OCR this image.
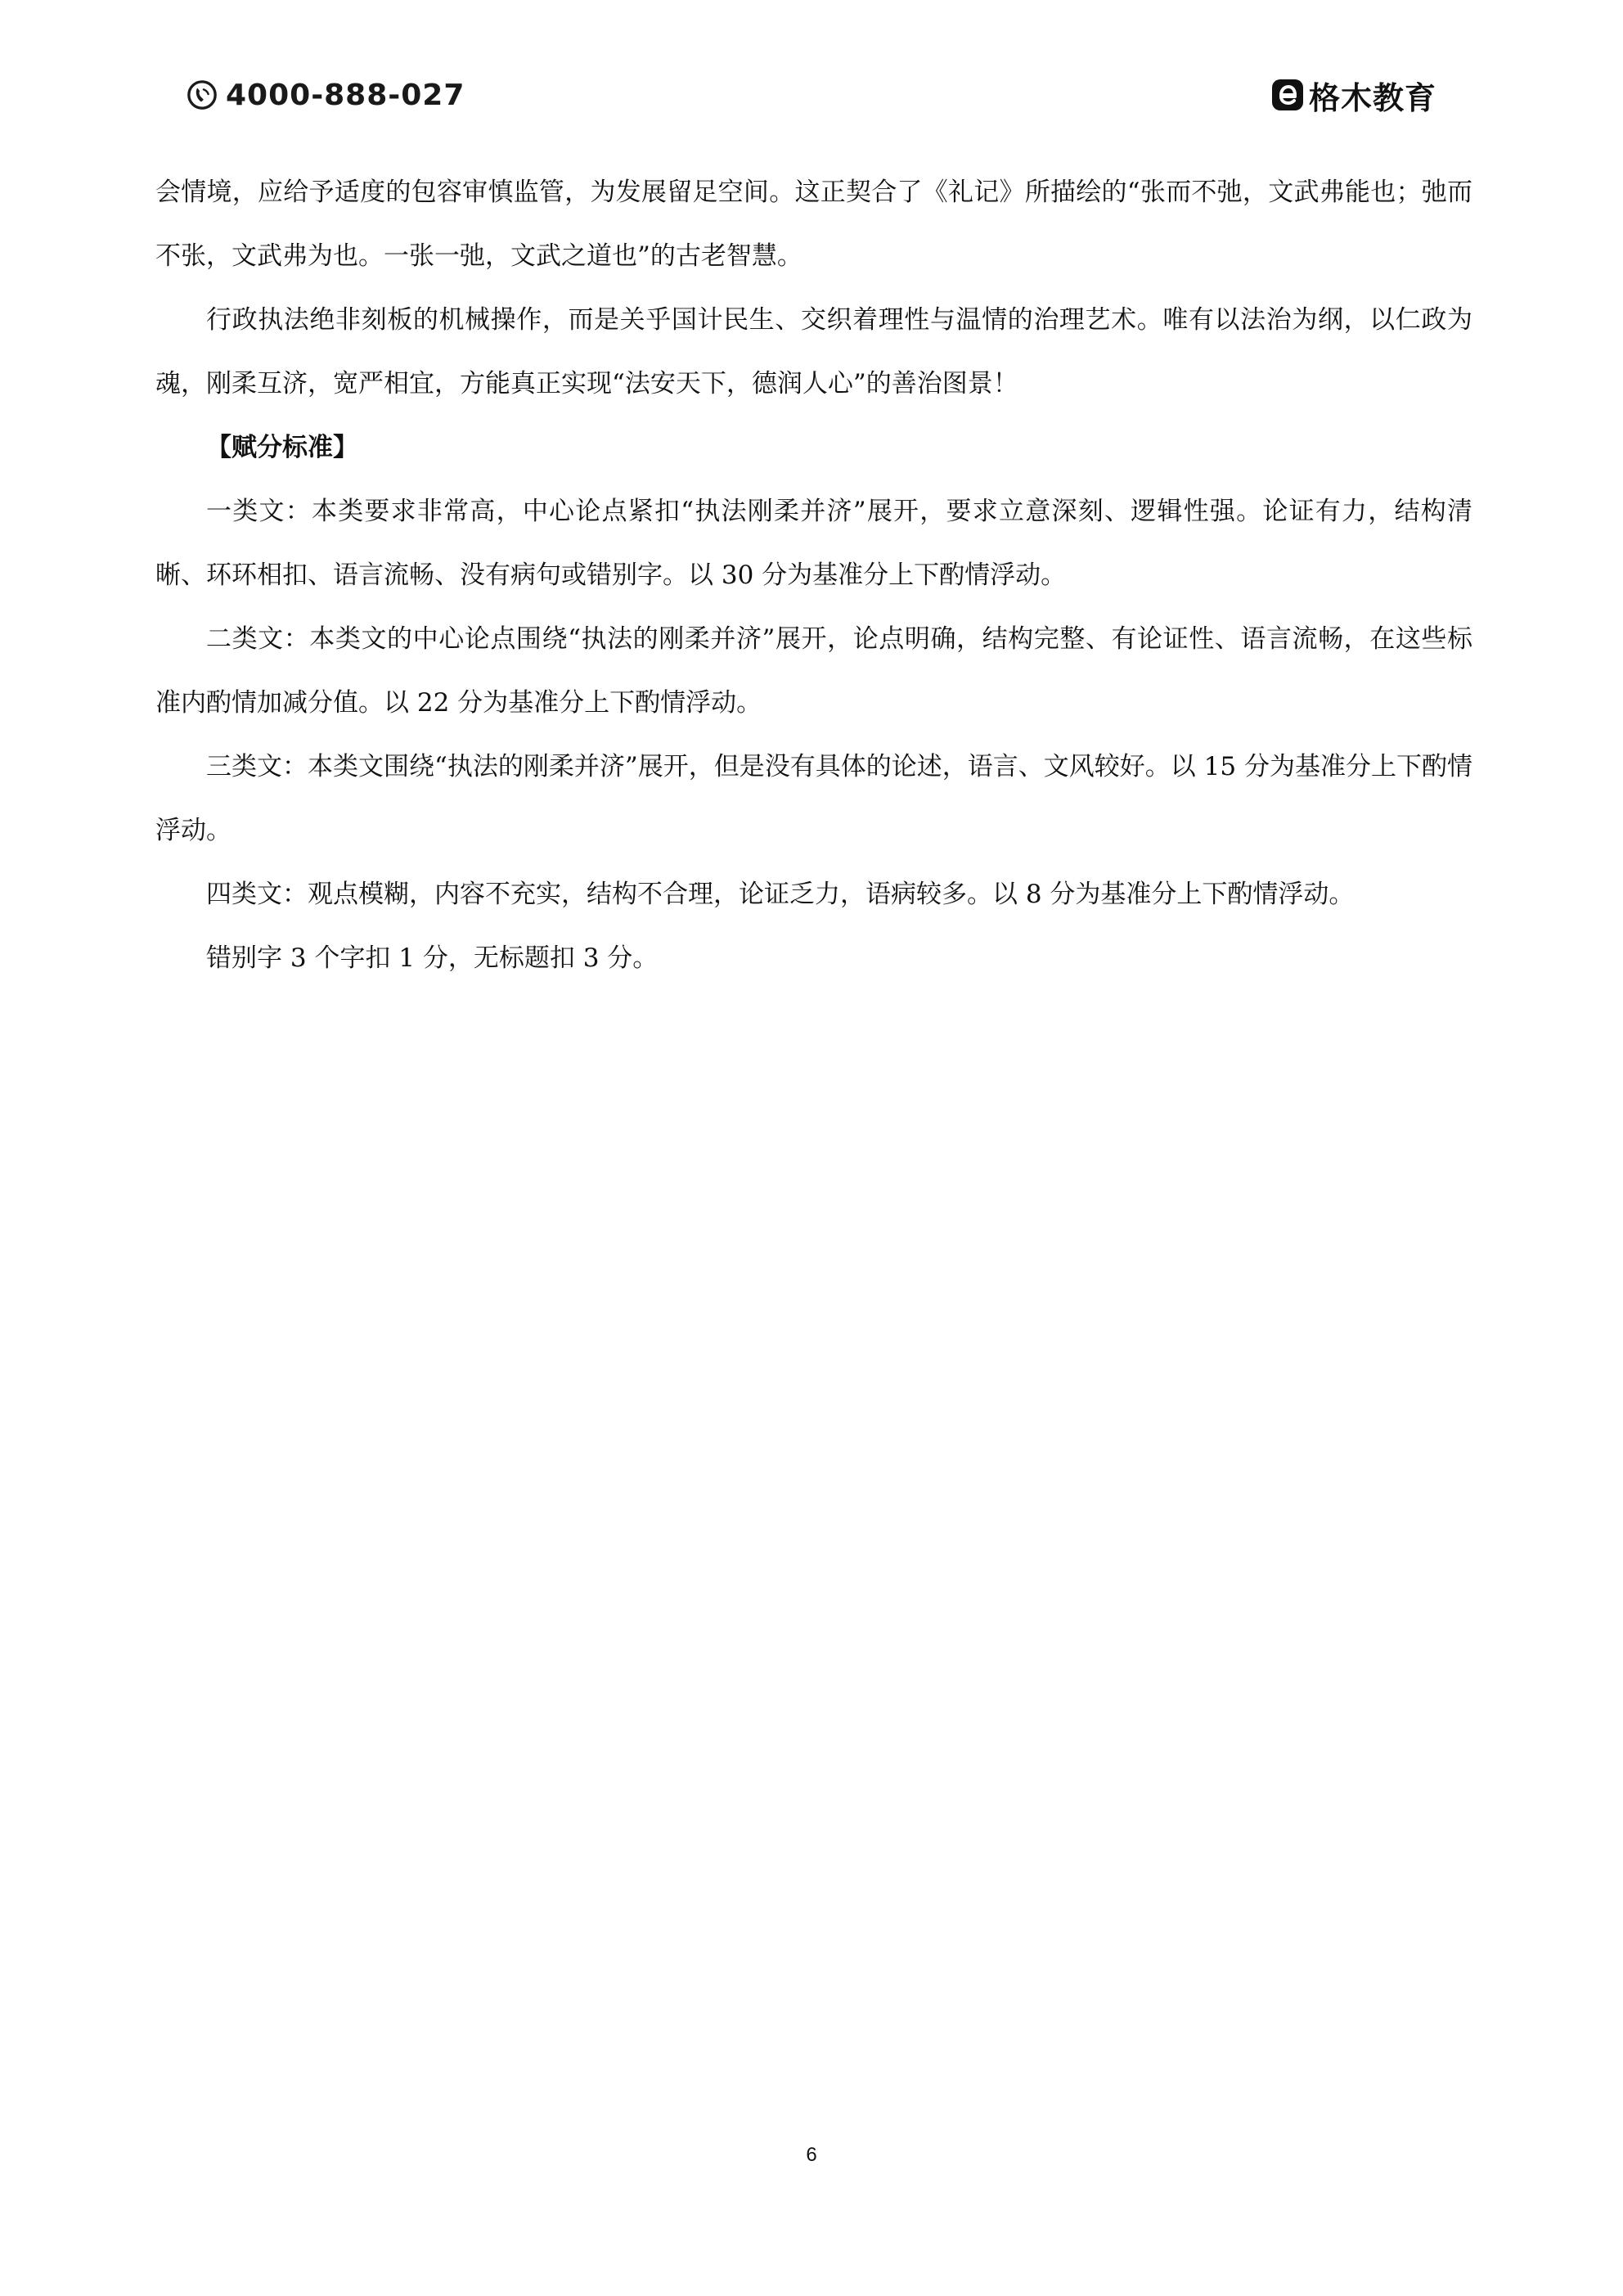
4000-888-027	格木教育

会情境，应给予适度的包容审慎监管，为发展留足空间。这正契合了《礼记》所描绘的“张而不弛，文武弗能也；弛而不张，文武弗为也。一张一弛，文武之道也”的古老智慧。

行政执法绝非刻板的机械操作，而是关乎国计民生、交织着理性与温情的治理艺术。唯有以法治为纲，以仁政为魂，刚柔互济，宽严相宜，方能真正实现“法安天下，德润人心”的善治图景！

【赋分标准】

一类文：本类要求非常高，中心论点紧扣“执法刚柔并济”展开，要求立意深刻、逻辑性强。论证有力，结构清晰、环环相扣、语言流畅、没有病句或错别字。以 30 分为基准分上下酌情浮动。

二类文：本类文的中心论点围绕“执法的刚柔并济”展开，论点明确，结构完整、有论证性、语言流畅，在这些标准内酌情加减分值。以 22 分为基准分上下酌情浮动。

三类文：本类文围绕“执法的刚柔并济”展开，但是没有具体的论述，语言、文风较好。以 15 分为基准分上下酌情浮动。

四类文：观点模糊，内容不充实，结构不合理，论证乏力，语病较多。以 8 分为基准分上下酌情浮动。

错别字 3 个字扣 1 分，无标题扣 3 分。

6
